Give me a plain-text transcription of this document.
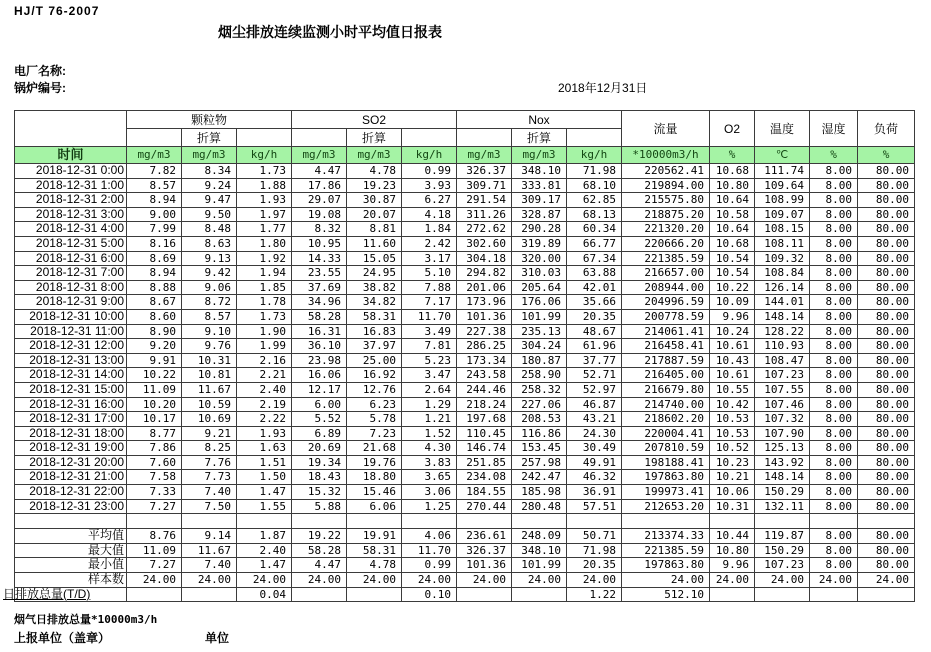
HJ/T 76-2007
烟尘排放连续监测小时平均值日报表
电厂名称:
锅炉编号:	2018年12月31日
	颗粒物			SO2			Nox			流量	O2	温度	湿度	负荷
		折算			折算			折算						
时间	mg/m3	mg/m3	kg/h	mg/m3	mg/m3	kg/h	mg/m3	mg/m3	kg/h	*10000m3/h	%	℃	%	%
2018-12-31 0:00	7.82	8.34	1.73	4.47	4.78	0.99	326.37	348.10	71.98	220562.41	10.68	111.74	8.00	80.00
2018-12-31 1:00	8.57	9.24	1.88	17.86	19.23	3.93	309.71	333.81	68.10	219894.00	10.80	109.64	8.00	80.00
2018-12-31 2:00	8.94	9.47	1.93	29.07	30.87	6.27	291.54	309.17	62.85	215575.80	10.64	108.99	8.00	80.00
2018-12-31 3:00	9.00	9.50	1.97	19.08	20.07	4.18	311.26	328.87	68.13	218875.20	10.58	109.07	8.00	80.00
2018-12-31 4:00	7.99	8.48	1.77	8.32	8.81	1.84	272.62	290.28	60.34	221320.20	10.64	108.15	8.00	80.00
2018-12-31 5:00	8.16	8.63	1.80	10.95	11.60	2.42	302.60	319.89	66.77	220666.20	10.68	108.11	8.00	80.00
2018-12-31 6:00	8.69	9.13	1.92	14.33	15.05	3.17	304.18	320.00	67.34	221385.59	10.54	109.32	8.00	80.00
2018-12-31 7:00	8.94	9.42	1.94	23.55	24.95	5.10	294.82	310.03	63.88	216657.00	10.54	108.84	8.00	80.00
2018-12-31 8:00	8.88	9.06	1.85	37.69	38.82	7.88	201.06	205.64	42.01	208944.00	10.22	126.14	8.00	80.00
2018-12-31 9:00	8.67	8.72	1.78	34.96	34.82	7.17	173.96	176.06	35.66	204996.59	10.09	144.01	8.00	80.00
2018-12-31 10:00	8.60	8.57	1.73	58.28	58.31	11.70	101.36	101.99	20.35	200778.59	9.96	148.14	8.00	80.00
2018-12-31 11:00	8.90	9.10	1.90	16.31	16.83	3.49	227.38	235.13	48.67	214061.41	10.24	128.22	8.00	80.00
2018-12-31 12:00	9.20	9.76	1.99	36.10	37.97	7.81	286.25	304.24	61.96	216458.41	10.61	110.93	8.00	80.00
2018-12-31 13:00	9.91	10.31	2.16	23.98	25.00	5.23	173.34	180.87	37.77	217887.59	10.43	108.47	8.00	80.00
2018-12-31 14:00	10.22	10.81	2.21	16.06	16.92	3.47	243.58	258.90	52.71	216405.00	10.61	107.23	8.00	80.00
2018-12-31 15:00	11.09	11.67	2.40	12.17	12.76	2.64	244.46	258.32	52.97	216679.80	10.55	107.55	8.00	80.00
2018-12-31 16:00	10.20	10.59	2.19	6.00	6.23	1.29	218.24	227.06	46.87	214740.00	10.42	107.46	8.00	80.00
2018-12-31 17:00	10.17	10.69	2.22	5.52	5.78	1.21	197.68	208.53	43.21	218602.20	10.53	107.32	8.00	80.00
2018-12-31 18:00	8.77	9.21	1.93	6.89	7.23	1.52	110.45	116.86	24.30	220004.41	10.53	107.90	8.00	80.00
2018-12-31 19:00	7.86	8.25	1.63	20.69	21.68	4.30	146.74	153.45	30.49	207810.59	10.52	125.13	8.00	80.00
2018-12-31 20:00	7.60	7.76	1.51	19.34	19.76	3.83	251.85	257.98	49.91	198188.41	10.23	143.92	8.00	80.00
2018-12-31 21:00	7.58	7.73	1.50	18.43	18.80	3.65	234.08	242.47	46.32	197863.80	10.21	148.14	8.00	80.00
2018-12-31 22:00	7.33	7.40	1.47	15.32	15.46	3.06	184.55	185.98	36.91	199973.41	10.06	150.29	8.00	80.00
2018-12-31 23:00	7.27	7.50	1.55	5.88	6.06	1.25	270.44	280.48	57.51	212653.20	10.31	132.11	8.00	80.00

平均值	8.76	9.14	1.87	19.22	19.91	4.06	236.61	248.09	50.71	213374.33	10.44	119.87	8.00	80.00
最大值	11.09	11.67	2.40	58.28	58.31	11.70	326.37	348.10	71.98	221385.59	10.80	150.29	8.00	80.00
最小值	7.27	7.40	1.47	4.47	4.78	0.99	101.36	101.99	20.35	197863.80	9.96	107.23	8.00	80.00
样本数	24.00	24.00	24.00	24.00	24.00	24.00	24.00	24.00	24.00	24.00	24.00	24.00	24.00	24.00
日排放总量(T/D)			0.04			0.10			1.22	512.10				
烟气日排放总量*10000m3/h
上报单位（盖章）	单位
